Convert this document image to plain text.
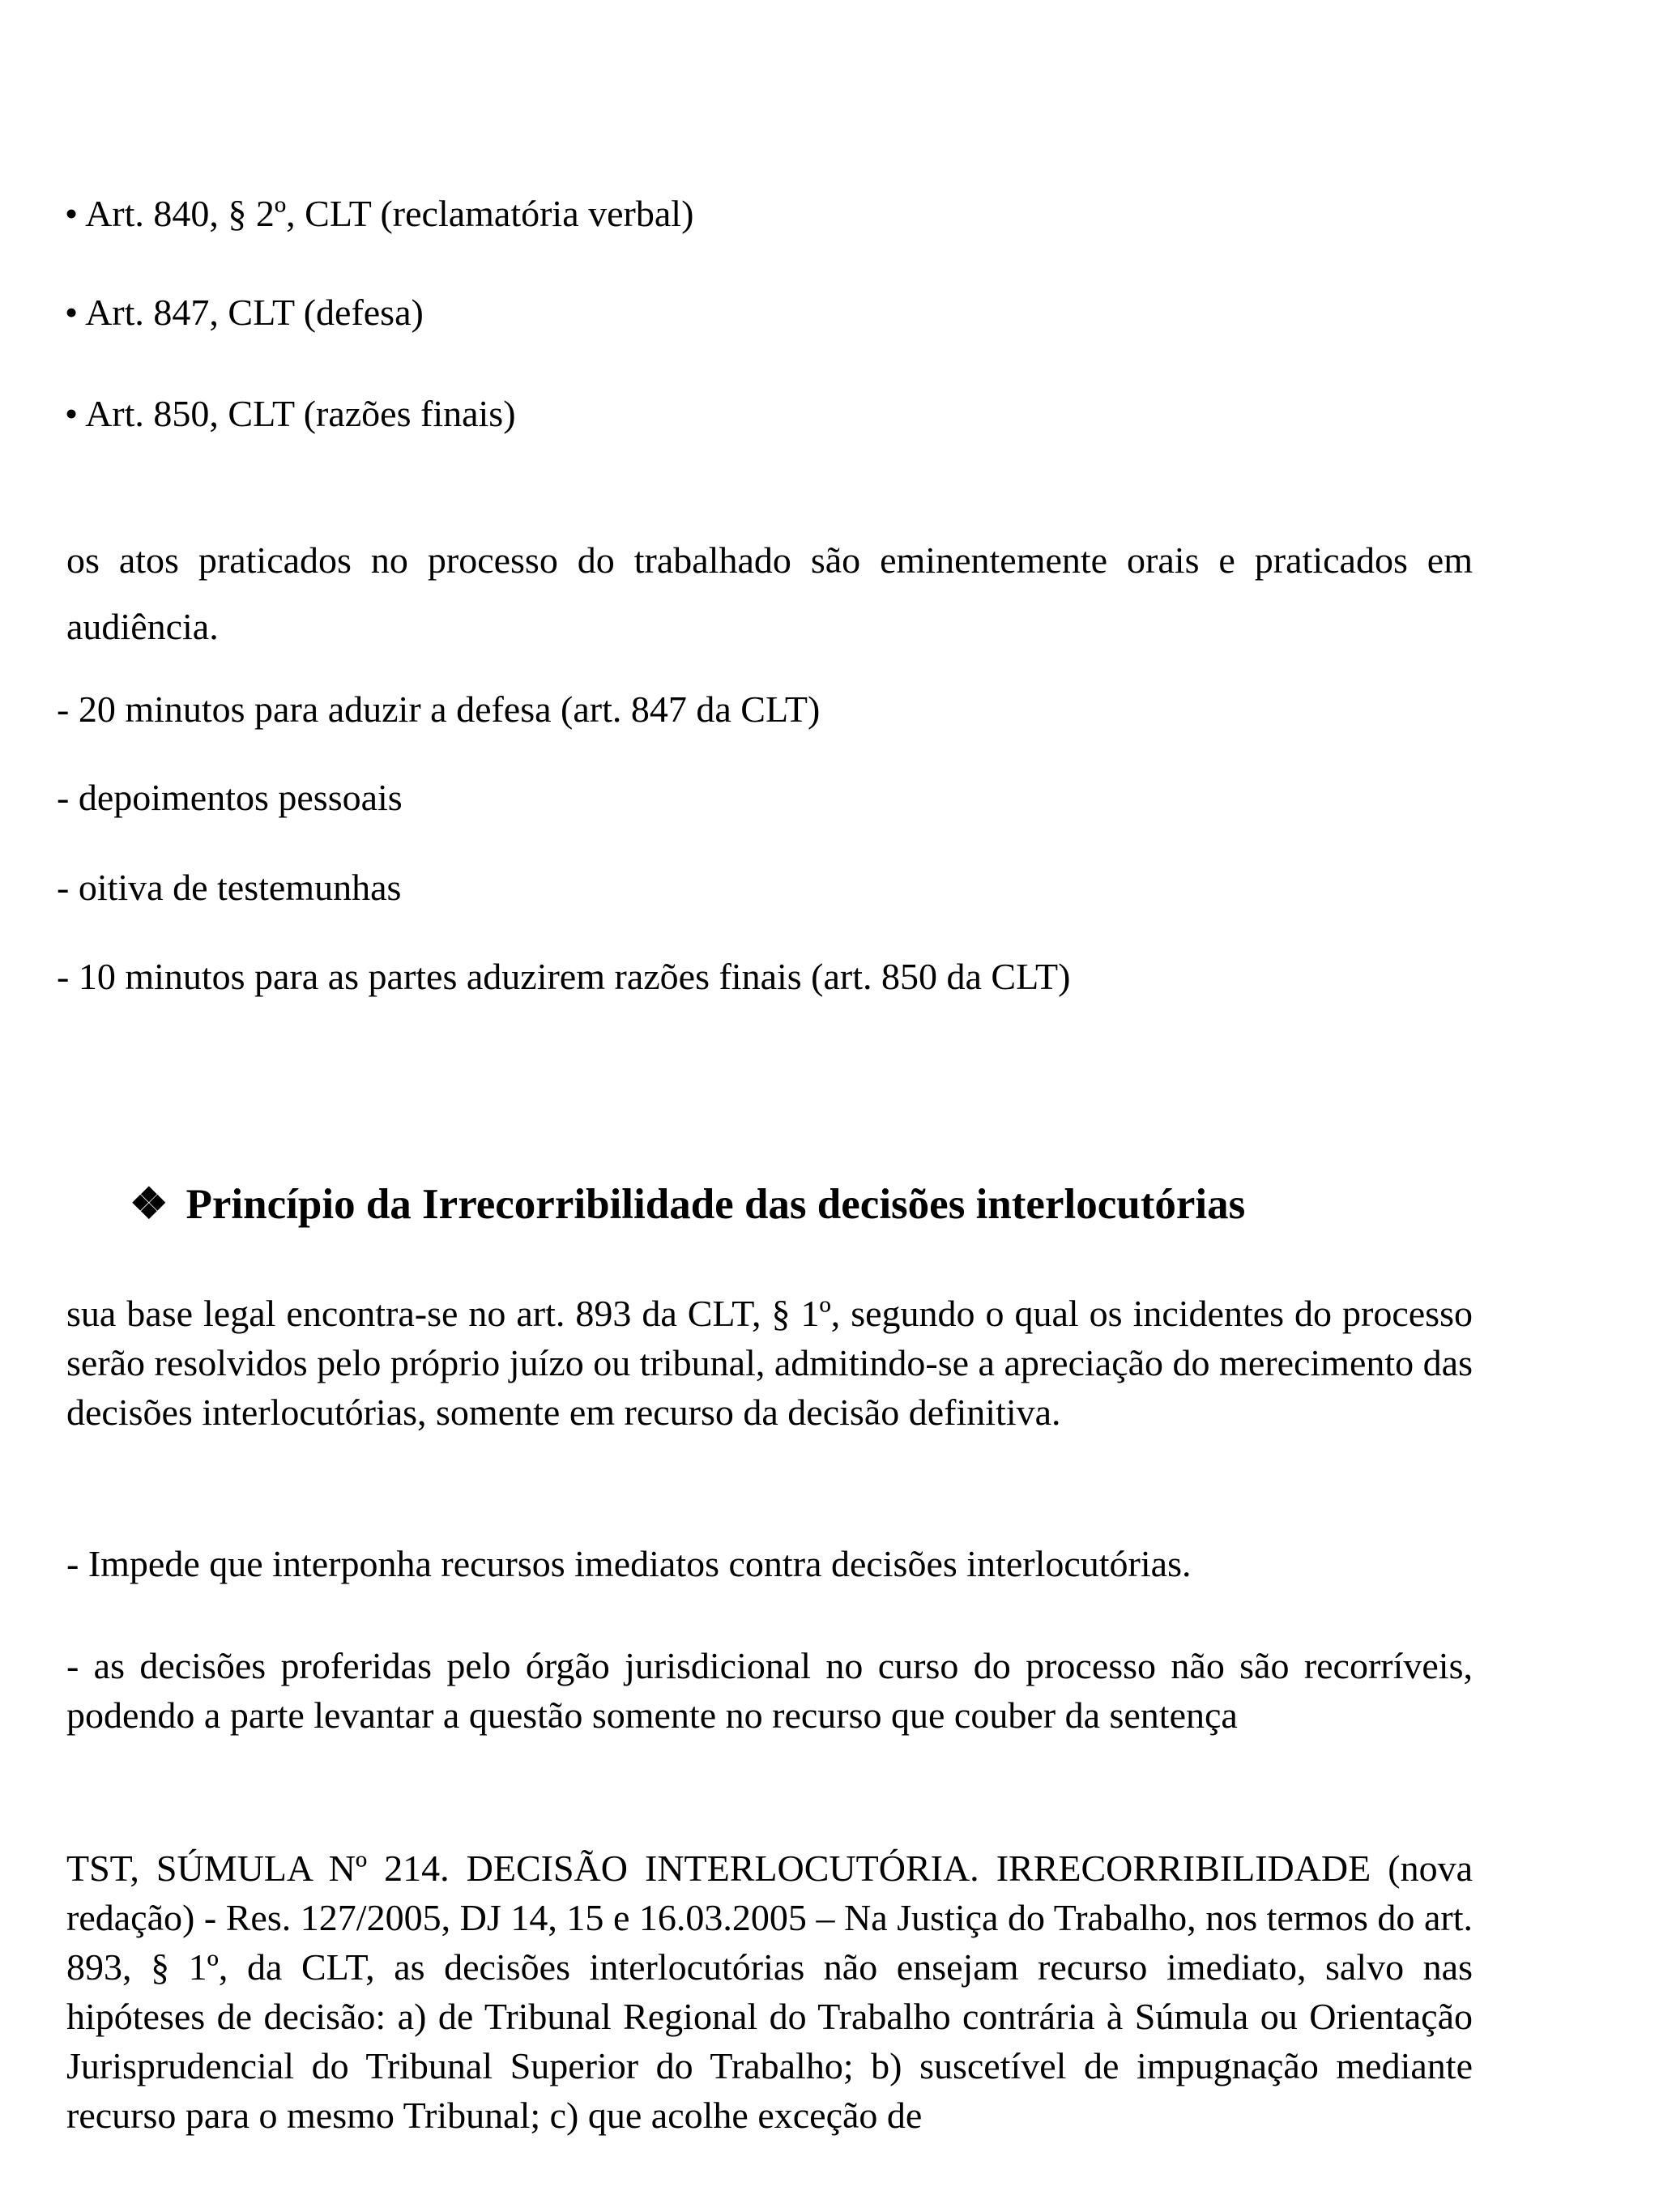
• Art. 840, § 2º, CLT (reclamatória verbal)
• Art. 847, CLT (defesa)
• Art. 850, CLT (razões finais)
os atos praticados no processo do trabalhado são eminentemente orais e praticados em audiência.
- 20 minutos para aduzir a defesa (art. 847 da CLT)
- depoimentos pessoais
- oitiva de testemunhas
- 10 minutos para as partes aduzirem razões finais (art. 850 da CLT)
❖ Princípio da Irrecorribilidade das decisões interlocutórias
sua base legal encontra-se no art. 893 da CLT, § 1º, segundo o qual os incidentes do processo serão resolvidos pelo próprio juízo ou tribunal, admitindo-se a apreciação do merecimento das decisões interlocutórias, somente em recurso da decisão definitiva.
- Impede que interponha recursos imediatos contra decisões interlocutórias.
- as decisões proferidas pelo órgão jurisdicional no curso do processo não são recorríveis, podendo a parte levantar a questão somente no recurso que couber da sentença
TST, SÚMULA Nº 214. DECISÃO INTERLOCUTÓRIA. IRRECORRIBILIDADE (nova redação) - Res. 127/2005, DJ 14, 15 e 16.03.2005 – Na Justiça do Trabalho, nos termos do art. 893, § 1º, da CLT, as decisões interlocutórias não ensejam recurso imediato, salvo nas hipóteses de decisão: a) de Tribunal Regional do Trabalho contrária à Súmula ou Orientação Jurisprudencial do Tribunal Superior do Trabalho; b) suscetível de impugnação mediante recurso para o mesmo Tribunal; c) que acolhe exceção de
